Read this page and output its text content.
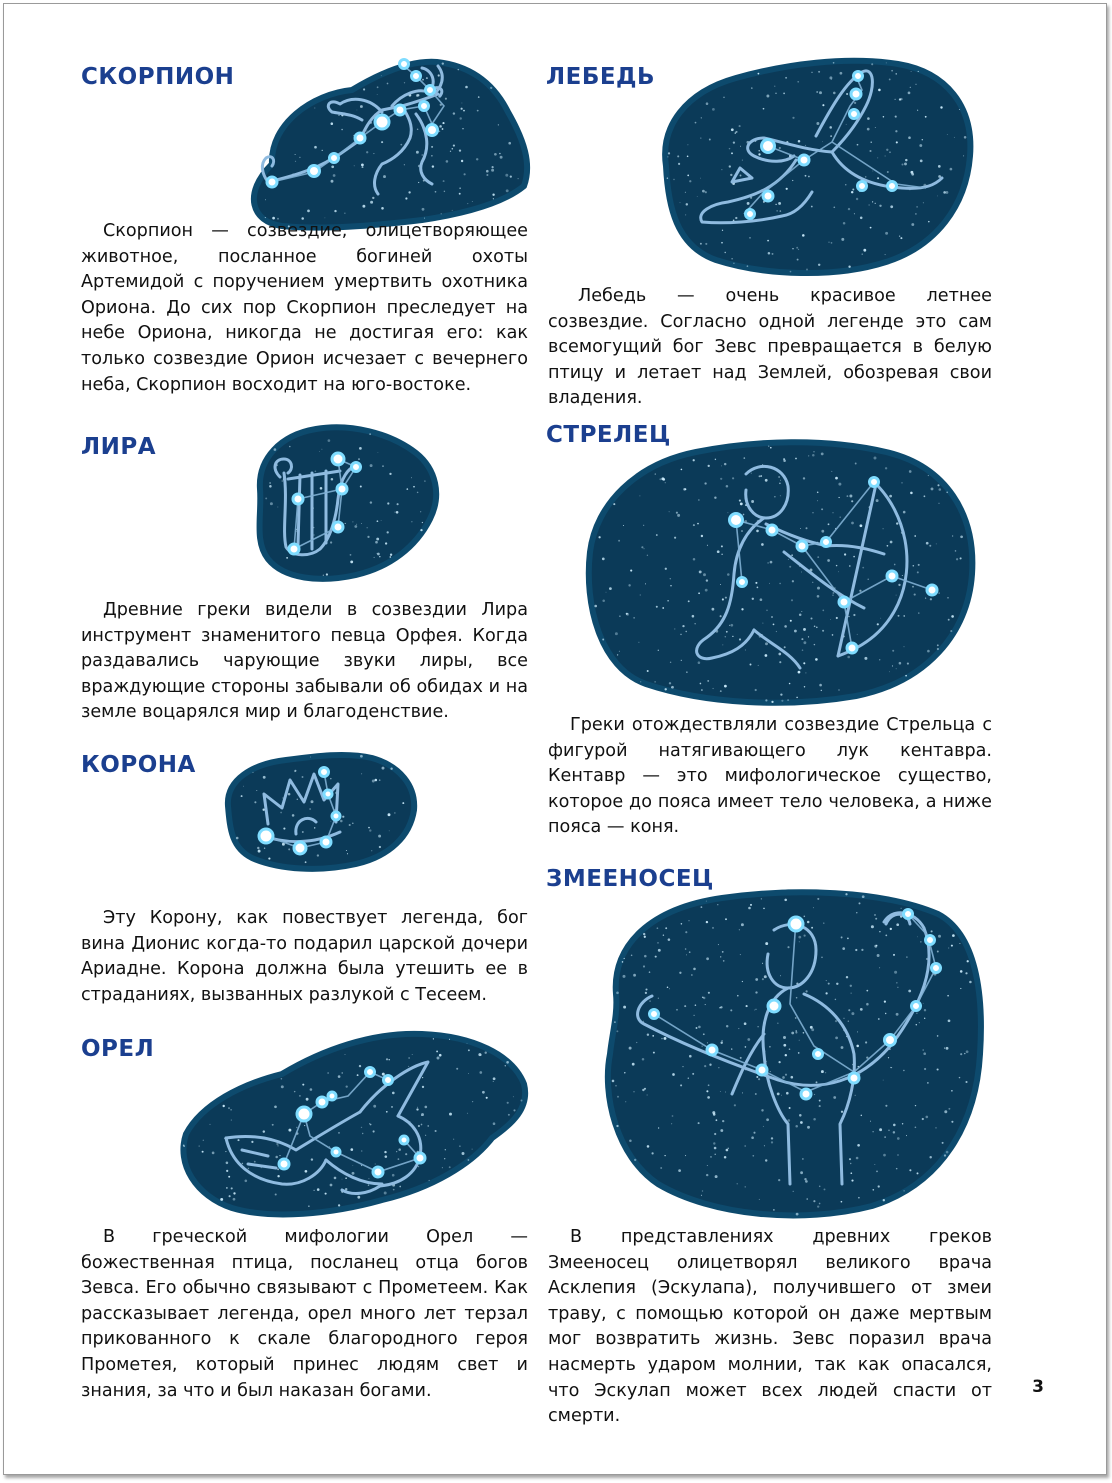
СКОРПИОН

Скорпион — созвездие, олицетворяющее животное, посланное богиней охоты Артемидой с поручением умертвить охотника Ориона. До сих пор Скорпион преследует на небе Ориона, никогда не достигая его: как только созвездие Орион исчезает с вечернего неба, Скорпион восходит на юго-востоке.

ЛИРА

Древние греки видели в созвездии Лира инструмент знаменитого певца Орфея. Когда раздавались чарующие звуки лиры, все враждующие стороны забывали об обидах и на земле воцарялся мир и благоденствие.

КОРОНА

Эту Корону, как повествует легенда, бог вина Дионис когда-то подарил царской дочери Ариадне. Корона должна была утешить ее в страданиях, вызванных разлукой с Тесеем.

ОРЕЛ

В греческой мифологии Орел — божественная птица, посланец отца богов Зевса. Его обычно связывают с Прометеем. Как рассказывает легенда, орел много лет терзал прикованного к скале благородного героя Прометея, который принес людям свет и знания, за что и был наказан богами.

ЛЕБЕДЬ

Лебедь — очень красивое летнее созвездие. Согласно одной легенде это сам всемогущий бог Зевс превращается в белую птицу и летает над Землей, обозревая свои владения.

СТРЕЛЕЦ

Греки отождествляли созвездие Стрельца с фигурой натягивающего лук кентавра. Кентавр — это мифологическое существо, которое до пояса имеет тело человека, а ниже пояса — коня.

ЗМЕЕНОСЕЦ

В представлениях древних греков Змееносец олицетворял великого врача Асклепия (Эскулапа), получившего от змеи траву, с помощью которой он даже мертвым мог возвратить жизнь. Зевс поразил врача насмерть ударом молнии, так как опасался, что Эскулап может всех людей спасти от смерти.

3
